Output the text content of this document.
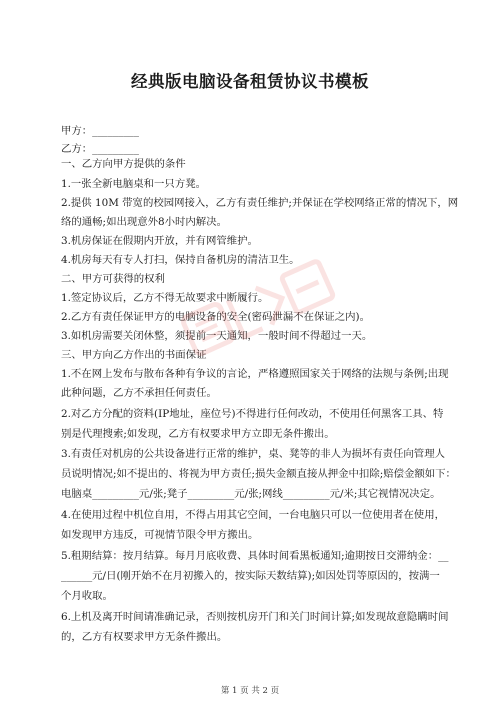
经典版电脑设备租赁协议书模板
甲方：_________
乙方：_________
一、乙方向甲方提供的条件
1.一张全新电脑桌和一只方凳。
2.提供 10M 带宽的校园网接入，乙方有责任维护;并保证在学校网络正常的情况下，网
络的通畅;如出现意外8小时内解决。
3.机房保证在假期内开放，并有网管维护。
4.机房每天有专人打扫，保持自备机房的清洁卫生。
二、甲方可获得的权利
1.签定协议后，乙方不得无故要求中断履行。
2.乙方有责任保证甲方的电脑设备的安全(密码泄漏不在保证之内)。
3.如机房需要关闭休整，须提前一天通知，一般时间不得超过一天。
三、甲方向乙方作出的书面保证
1.不在网上发布与散布各种有争议的言论，严格遵照国家关于网络的法规与条例;出现
此种问题，乙方不承担任何责任。
2.对乙方分配的资料(IP地址，座位号)不得进行任何改动，不使用任何黑客工具、特
别是代理搜索;如发现，乙方有权要求甲方立即无条件搬出。
3.有责任对机房的公共设备进行正常的维护，桌、凳等的非人为损坏有责任向管理人
员说明情况;如不提出的、将视为甲方责任;损失金额直接从押金中扣除;赔偿金额如下：
电脑桌_________元/张;凳子_________元/张;网线_________元/米;其它视情况决定。
4.在使用过程中机位自用，不得占用其它空间，一台电脑只可以一位使用者在使用，
如发现甲方违反，可视情节限令甲方搬出。
5.租期结算：按月结算。每月月底收费、具体时间看黑板通知;逾期按日交滞纳金：__
______元/日(刚开始不在月初搬入的，按实际天数结算);如因处罚等原因的，按满一
个月收取。
6.上机及离开时间请准确记录，否则按机房开门和关门时间计算;如发现故意隐瞒时间
的，乙方有权要求甲方无条件搬出。
第 1 页 共 2 页
